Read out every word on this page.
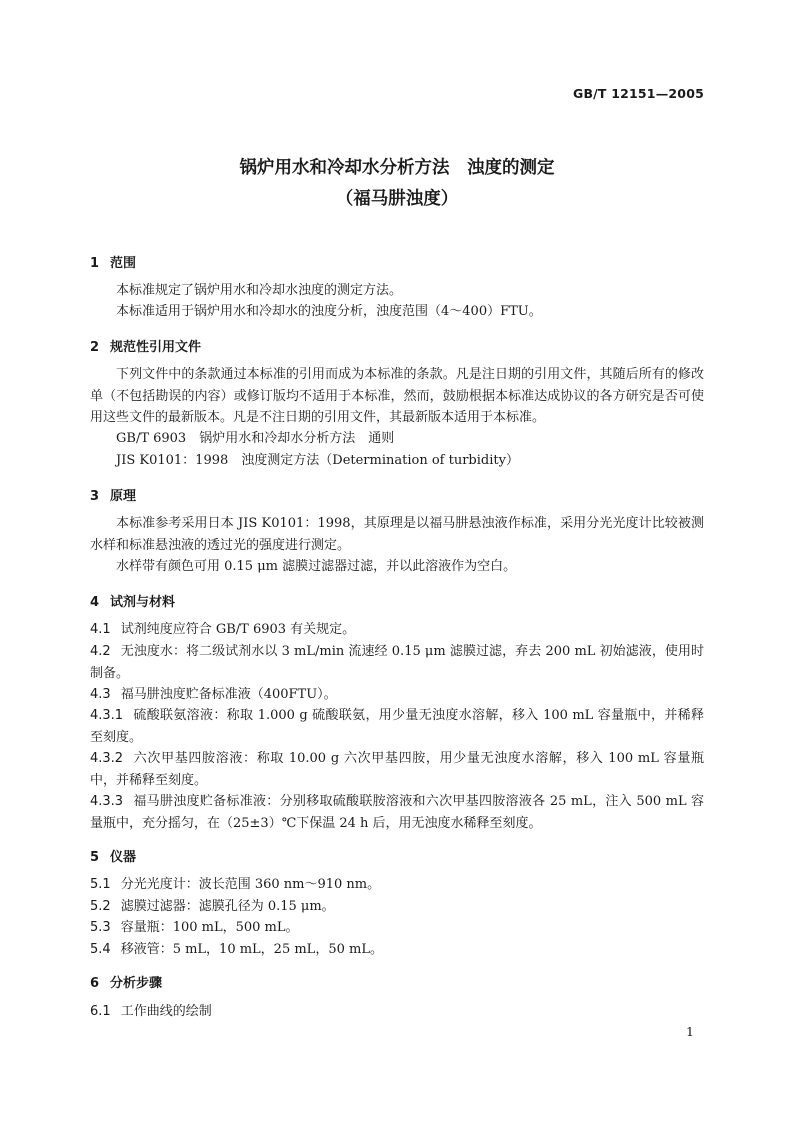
GB/T 12151—2005
锅炉用水和冷却水分析方法　浊度的测定
（福马肼浊度）
1 范围
本标准规定了锅炉用水和冷却水浊度的测定方法。
本标准适用于锅炉用水和冷却水的浊度分析，浊度范围（4～400）FTU。
2 规范性引用文件
下列文件中的条款通过本标准的引用而成为本标准的条款。凡是注日期的引用文件，其随后所有的修改单（不包括勘误的内容）或修订版均不适用于本标准，然而，鼓励根据本标准达成协议的各方研究是否可使用这些文件的最新版本。凡是不注日期的引用文件，其最新版本适用于本标准。
GB/T 6903　锅炉用水和冷却水分析方法　通则
JIS K0101：1998　浊度测定方法（Determination of turbidity）
3 原理
本标准参考采用日本 JIS K0101：1998，其原理是以福马肼悬浊液作标准，采用分光光度计比较被测水样和标准悬浊液的透过光的强度进行测定。
水样带有颜色可用 0.15 μm 滤膜过滤器过滤，并以此溶液作为空白。
4 试剂与材料
4.1 试剂纯度应符合 GB/T 6903 有关规定。
4.2 无浊度水：将二级试剂水以 3 mL/min 流速经 0.15 μm 滤膜过滤，弃去 200 mL 初始滤液，使用时制备。
4.3 福马肼浊度贮备标准液（400FTU）。
4.3.1 硫酸联氨溶液：称取 1.000 g 硫酸联氨，用少量无浊度水溶解，移入 100 mL 容量瓶中，并稀释至刻度。
4.3.2 六次甲基四胺溶液：称取 10.00 g 六次甲基四胺，用少量无浊度水溶解，移入 100 mL 容量瓶中，并稀释至刻度。
4.3.3 福马肼浊度贮备标准液：分别移取硫酸联胺溶液和六次甲基四胺溶液各 25 mL，注入 500 mL 容量瓶中，充分摇匀，在（25±3）℃下保温 24 h 后，用无浊度水稀释至刻度。
5 仪器
5.1 分光光度计：波长范围 360 nm～910 nm。
5.2 滤膜过滤器：滤膜孔径为 0.15 μm。
5.3 容量瓶：100 mL，500 mL。
5.4 移液管：5 mL，10 mL，25 mL，50 mL。
6 分析步骤
6.1 工作曲线的绘制
1
